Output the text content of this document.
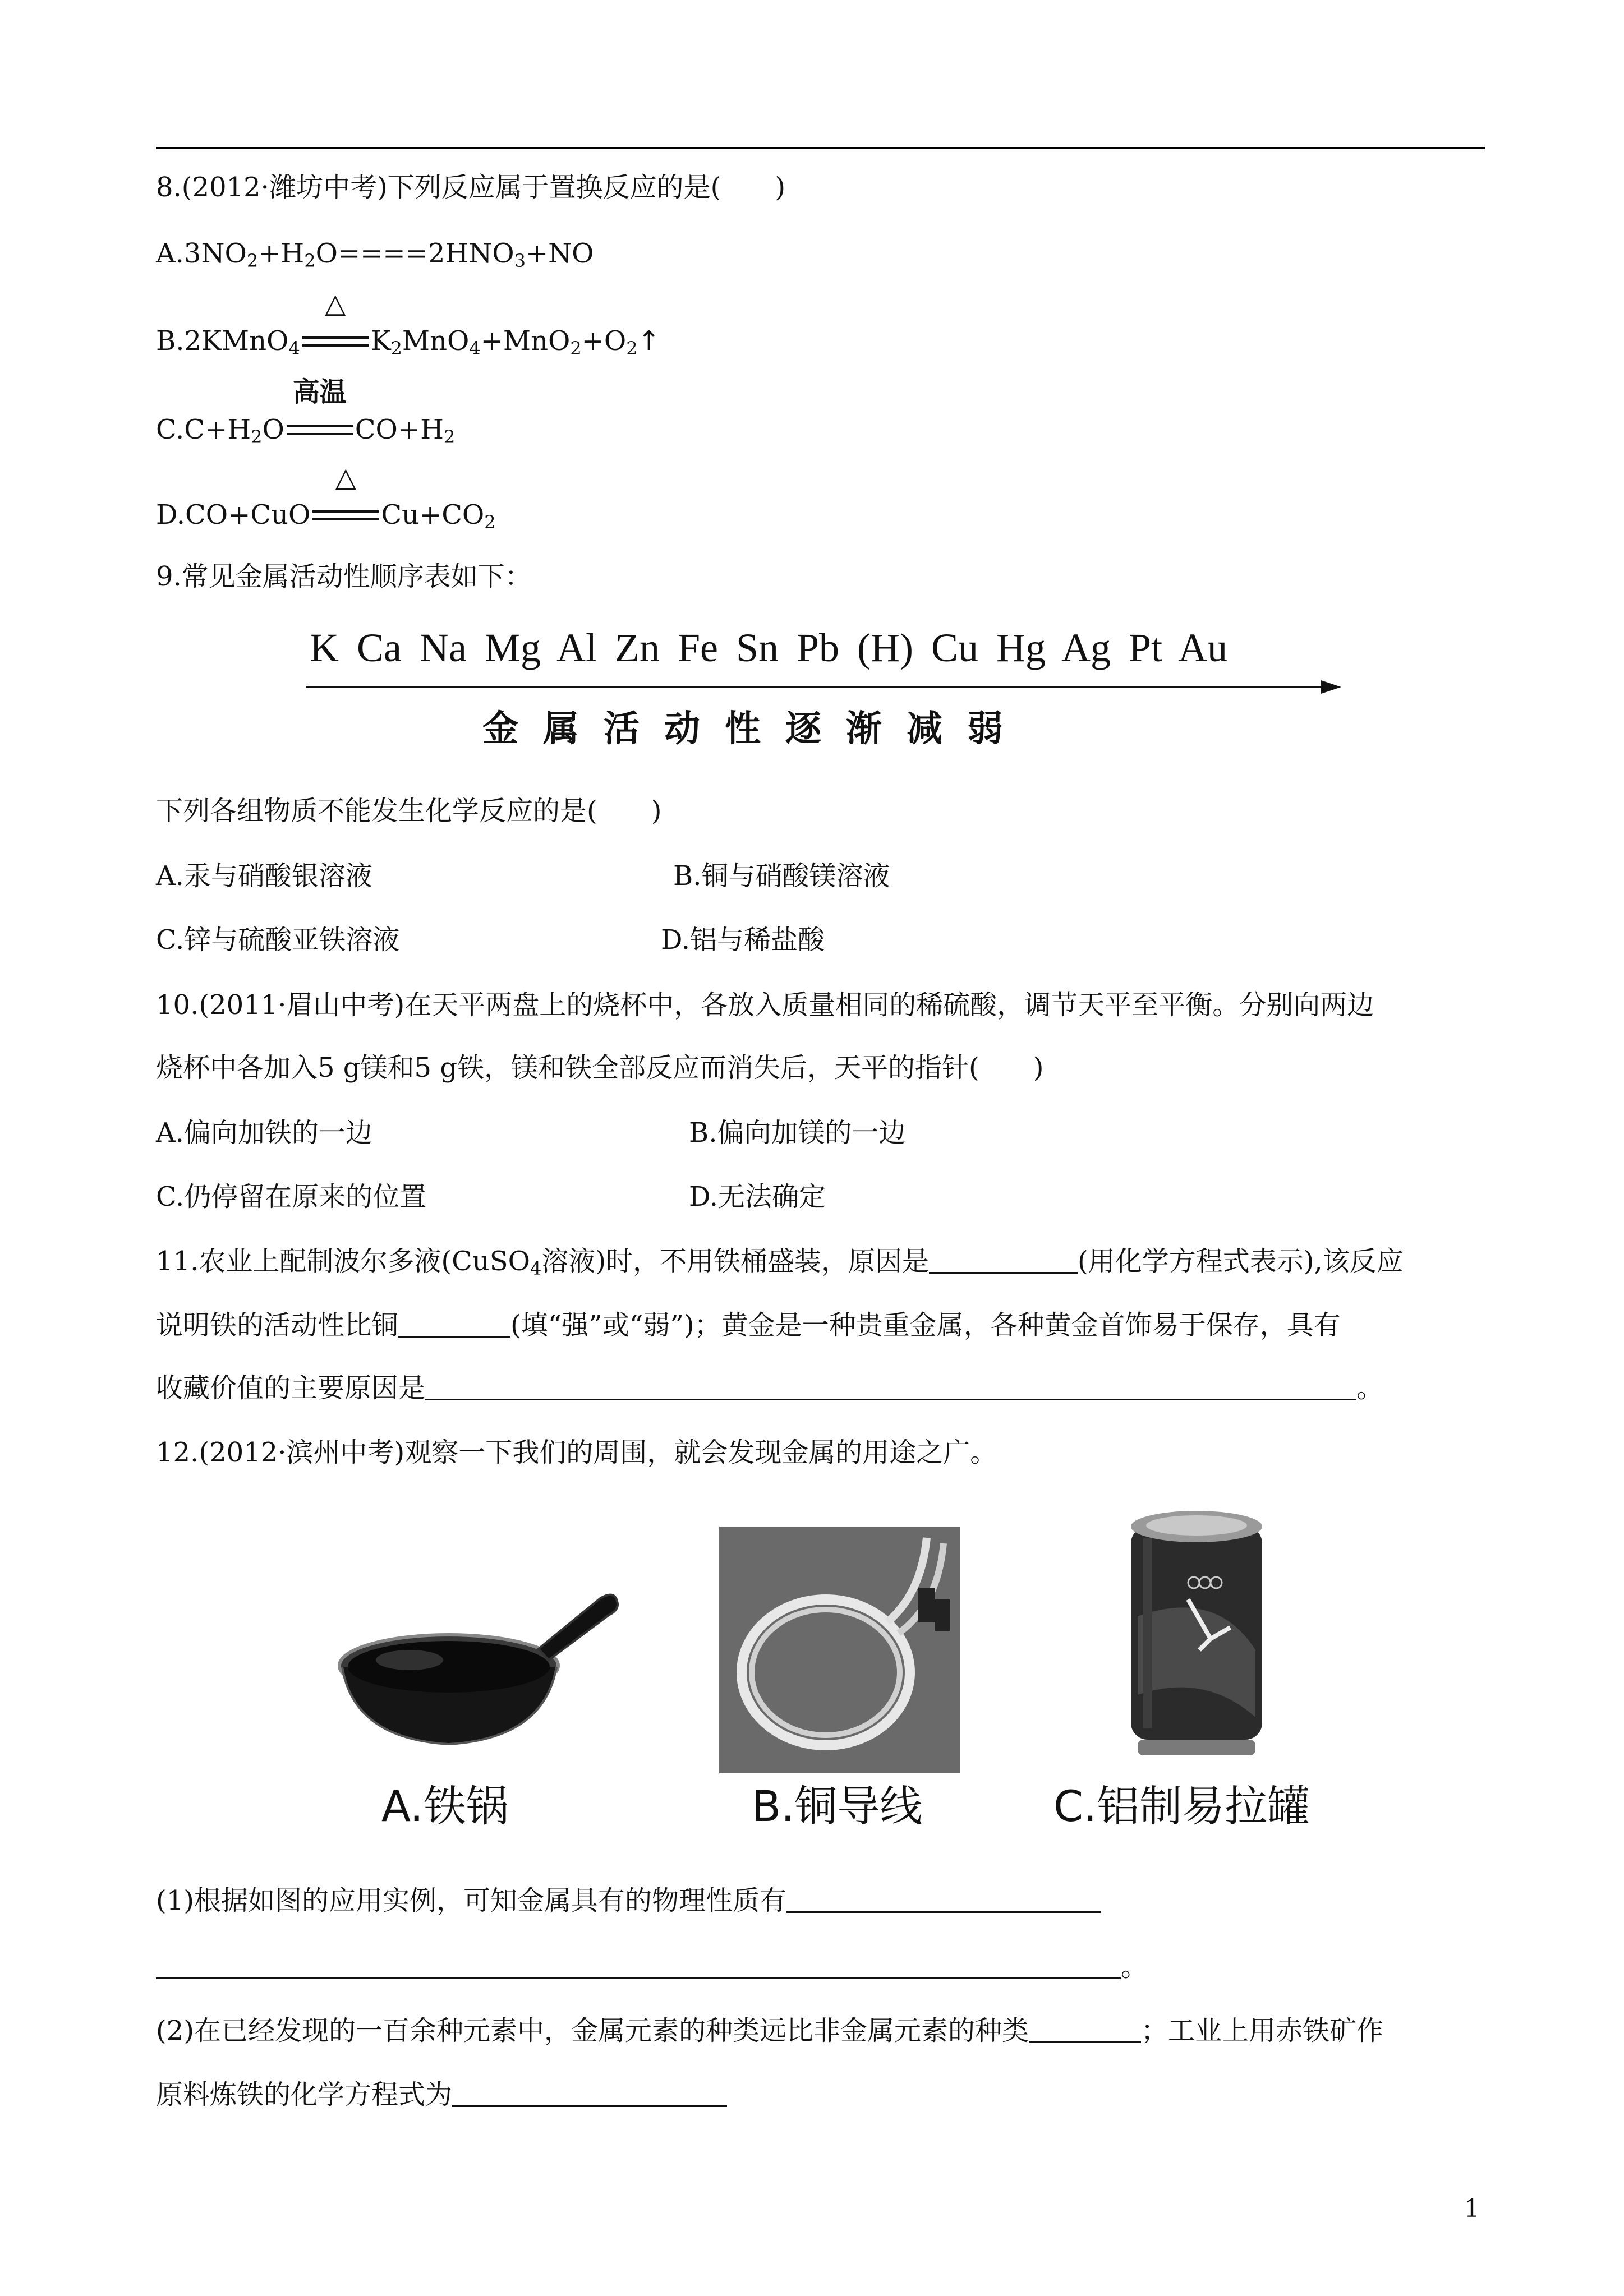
8.(2012·潍坊中考)下列反应属于置换反应的是(　　)
$A.3NO_2+H_2O====2HNO_3+NO$
B.2KMnO$_4$
△
$K_2MnO_4+MnO_2+O_2↑$
$C.C+H_2O$
高温
$CO+H_2$
D.CO+CuO
△
$Cu+CO_2$
9.常见金属活动性顺序表如下：
K Ca Na Mg Al Zn Fe Sn Pb (H) Cu Hg Ag Pt Au
金属活动性逐渐减弱
下列各组物质不能发生化学反应的是(　　)
A.汞与硝酸银溶液	B.铜与硝酸镁溶液
C.锌与硫酸亚铁溶液	D.铝与稀盐酸
10.(2011·眉山中考)在天平两盘上的烧杯中，各放入质量相同的稀硫酸，调节天平至平衡。分别向两边
烧杯中各加入5 g镁和5 g铁，镁和铁全部反应而消失后，天平的指针(　　)
A.偏向加铁的一边	B.偏向加镁的一边
C.仍停留在原来的位置	D.无法确定
11.农业上配制波尔多液(CuSO$_4$溶液)时，不用铁桶盛装，原因是	(用化学方程式表示),该反应
说明铁的活动性比铜	(填“强”或“弱”)；黄金是一种贵重金属，各种黄金首饰易于保存，具有
收藏价值的主要原因是	。
12.(2012·滨州中考)观察一下我们的周围，就会发现金属的用途之广。
A.铁锅	B.铜导线	C.铝制易拉罐
(1)根据如图的应用实例，可知金属具有的物理性质有
。
(2)在已经发现的一百余种元素中，金属元素的种类远比非金属元素的种类	；工业上用赤铁矿作
原料炼铁的化学方程式为
1
